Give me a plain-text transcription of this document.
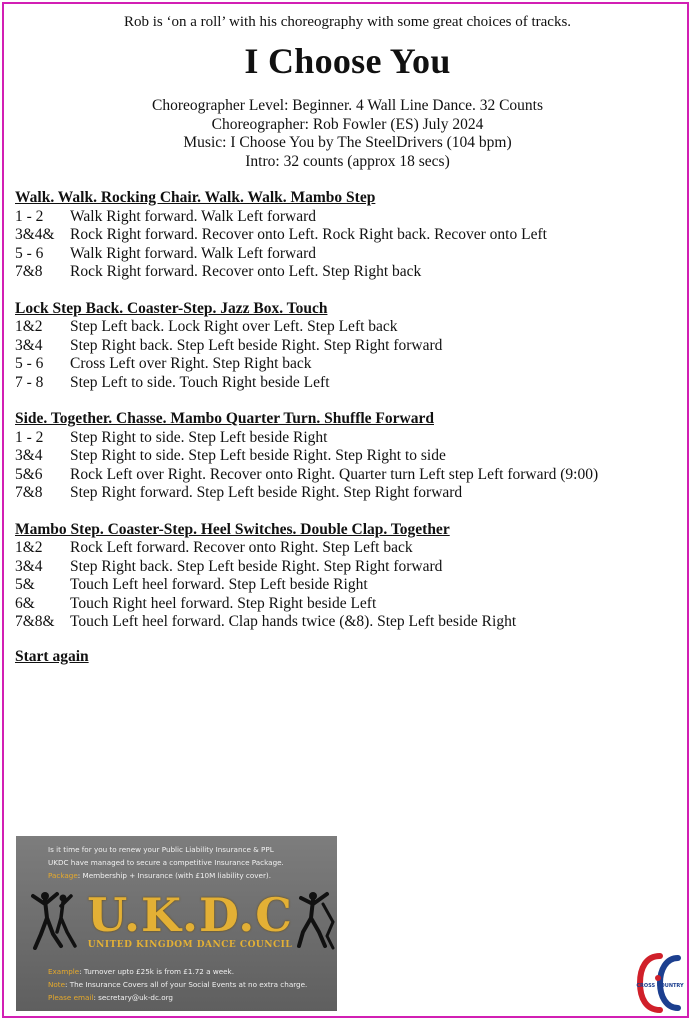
Rob is ‘on a roll’ with his choreography with some great choices of tracks.
I Choose You
Choreographer Level: Beginner. 4 Wall Line Dance. 32 Counts
Choreographer: Rob Fowler (ES) July 2024
Music: I Choose You by The SteelDrivers (104 bpm)
Intro: 32 counts (approx 18 secs)
Walk. Walk. Rocking Chair. Walk. Walk. Mambo Step
1 - 2	Walk Right forward. Walk Left forward
3&4& Rock Right forward. Recover onto Left. Rock Right back. Recover onto Left
5 - 6	Walk Right forward. Walk Left forward
7&8	Rock Right forward. Recover onto Left. Step Right back
Lock Step Back. Coaster-Step. Jazz Box. Touch
1&2	Step Left back. Lock Right over Left. Step Left back
3&4	Step Right back. Step Left beside Right. Step Right forward
5 - 6	Cross Left over Right. Step Right back
7 - 8	Step Left to side. Touch Right beside Left
Side. Together. Chasse. Mambo Quarter Turn. Shuffle Forward
1 - 2	Step Right to side. Step Left beside Right
3&4	Step Right to side. Step Left beside Right. Step Right to side
5&6	Rock Left over Right. Recover onto Right. Quarter turn Left step Left forward (9:00)
7&8	Step Right forward. Step Left beside Right. Step Right forward
Mambo Step. Coaster-Step. Heel Switches. Double Clap. Together
1&2	Rock Left forward. Recover onto Right. Step Left back
3&4	Step Right back. Step Left beside Right. Step Right forward
5&	Touch Left heel forward. Step Left beside Right
6&	Touch Right heel forward. Step Right beside Left
7&8& Touch Left heel forward. Clap hands twice (&8). Step Left beside Right
Start again
Is it time for you to renew your Public Liability Insurance & PPL
UKDC have managed to secure a competitive Insurance Package.
Package: Membership + Insurance (with £10M liability cover).
U.K.D.C
UNITED KINGDOM DANCE COUNCIL
Example: Turnover upto £25k is from £1.72 a week.
Note: The Insurance Covers all of your Social Events at no extra charge.
Please email: secretary@uk-dc.org
CROSS COUNTRY
